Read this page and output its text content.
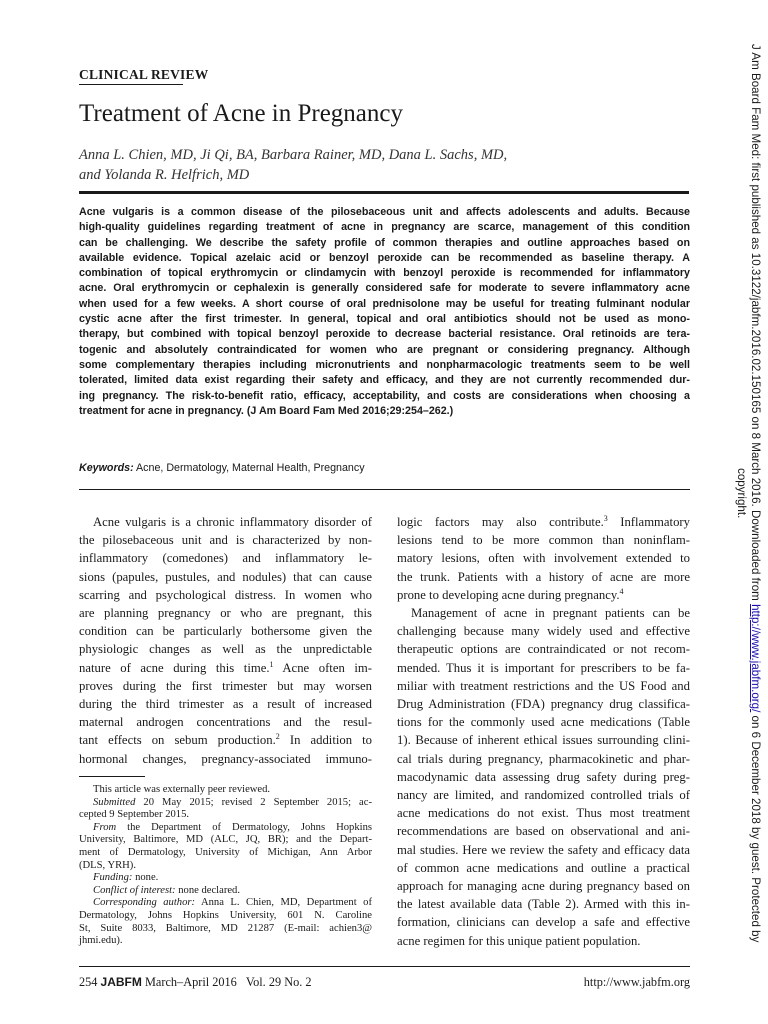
CLINICAL REVIEW
Treatment of Acne in Pregnancy
Anna L. Chien, MD, Ji Qi, BA, Barbara Rainer, MD, Dana L. Sachs, MD,
and Yolanda R. Helfrich, MD
Acne vulgaris is a common disease of the pilosebaceous unit and affects adolescents and adults. Because
high-quality guidelines regarding treatment of acne in pregnancy are scarce, management of this condition
can be challenging. We describe the safety profile of common therapies and outline approaches based on
available evidence. Topical azelaic acid or benzoyl peroxide can be recommended as baseline therapy. A
combination of topical erythromycin or clindamycin with benzoyl peroxide is recommended for inflammatory
acne. Oral erythromycin or cephalexin is generally considered safe for moderate to severe inflammatory acne
when used for a few weeks. A short course of oral prednisolone may be useful for treating fulminant nodular
cystic acne after the first trimester. In general, topical and oral antibiotics should not be used as mono-
therapy, but combined with topical benzoyl peroxide to decrease bacterial resistance. Oral retinoids are tera-
togenic and absolutely contraindicated for women who are pregnant or considering pregnancy. Although
some complementary therapies including micronutrients and nonpharmacologic treatments seem to be well
tolerated, limited data exist regarding their safety and efficacy, and they are not currently recommended dur-
ing pregnancy. The risk-to-benefit ratio, efficacy, acceptability, and costs are considerations when choosing a
treatment for acne in pregnancy. (J Am Board Fam Med 2016;29:254–262.)
Keywords: Acne, Dermatology, Maternal Health, Pregnancy
Acne vulgaris is a chronic inflammatory disorder of
the pilosebaceous unit and is characterized by non-
inflammatory (comedones) and inflammatory le-
sions (papules, pustules, and nodules) that can cause
scarring and psychological distress. In women who
are planning pregnancy or who are pregnant, this
condition can be particularly bothersome given the
physiologic changes as well as the unpredictable
nature of acne during this time.$^1$ Acne often im-
proves during the first trimester but may worsen
during the third trimester as a result of increased
maternal androgen concentrations and the resul-
tant effects on sebum production.$^2$ In addition to
hormonal changes, pregnancy-associated immuno-
This article was externally peer reviewed.
Submitted 20 May 2015; revised 2 September 2015; ac-
cepted 9 September 2015.
From the Department of Dermatology, Johns Hopkins
University, Baltimore, MD (ALC, JQ, BR); and the Depart-
ment of Dermatology, University of Michigan, Ann Arbor
(DLS, YRH).
Funding: none.
Conflict of interest: none declared.
Corresponding author: Anna L. Chien, MD, Department of
Dermatology, Johns Hopkins University, 601 N. Caroline
St, Suite 8033, Baltimore, MD 21287 (E-mail: achien3@
jhmi.edu).
logic factors may also contribute.$^3$ Inflammatory
lesions tend to be more common than noninflam-
matory lesions, often with involvement extended to
the trunk. Patients with a history of acne are more
prone to developing acne during pregnancy.$^4$
Management of acne in pregnant patients can be
challenging because many widely used and effective
therapeutic options are contraindicated or not recom-
mended. Thus it is important for prescribers to be fa-
miliar with treatment restrictions and the US Food and
Drug Administration (FDA) pregnancy drug classifica-
tions for the commonly used acne medications (Table
1). Because of inherent ethical issues surrounding clini-
cal trials during pregnancy, pharmacokinetic and phar-
macodynamic data assessing drug safety during preg-
nancy are limited, and randomized controlled trials of
acne medications do not exist. Thus most treatment
recommendations are based on observational and ani-
mal studies. Here we review the safety and efficacy data
of common acne medications and outline a practical
approach for managing acne during pregnancy based on
the latest available data (Table 2). Armed with this in-
formation, clinicians can develop a safe and effective
acne regimen for this unique patient population.
254 JABFM March–April 2016   Vol. 29 No. 2	http://www.jabfm.org
J Am Board Fam Med: first published as 10.3122/jabfm.2016.02.150165 on 8 March 2016. Downloaded from http://www.jabfm.org/ on 6 December 2018 by guest. Protected by
copyright.
